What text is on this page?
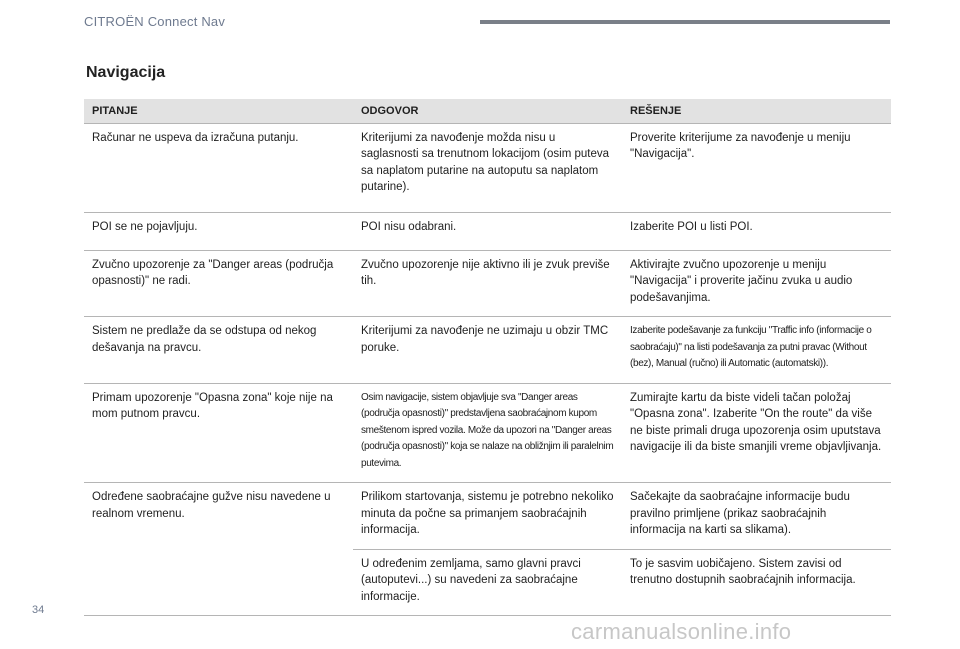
CITROËN Connect Nav
Navigacija
PITANJE	ODGOVOR	REŠENJE
Računar ne uspeva da izračuna putanju.	Kriterijumi za navođenje možda nisu u saglasnosti sa trenutnom lokacijom (osim puteva sa naplatom putarine na autoputu sa naplatom putarine).	Proverite kriterijume za navođenje u meniju "Navigacija".
POI se ne pojavljuju.	POI nisu odabrani.	Izaberite POI u listi POI.
Zvučno upozorenje za "Danger areas (područja opasnosti)" ne radi.	Zvučno upozorenje nije aktivno ili je zvuk previše tih.	Aktivirajte zvučno upozorenje u meniju "Navigacija" i proverite jačinu zvuka u audio podešavanjima.
Sistem ne predlaže da se odstupa od nekog dešavanja na pravcu.	Kriterijumi za navođenje ne uzimaju u obzir TMC poruke.	Izaberite podešavanje za funkciju "Traffic info (informacije o saobraćaju)" na listi podešavanja za putni pravac (Without (bez), Manual (ručno) ili Automatic (automatski)).
Primam upozorenje "Opasna zona" koje nije na mom putnom pravcu.	Osim navigacije, sistem objavljuje sva "Danger areas (područja opasnosti)" predstavljena saobraćajnom kupom smeštenom ispred vozila. Može da upozori na "Danger areas (područja opasnosti)" koja se nalaze na obližnjim ili paralelnim putevima.	Zumirajte kartu da biste videli tačan položaj "Opasna zona". Izaberite "On the route" da više ne biste primali druga upozorenja osim uputstava navigacije ili da biste smanjili vreme objavljivanja.
Određene saobraćajne gužve nisu navedene u realnom vremenu.	Prilikom startovanja, sistemu je potrebno nekoliko minuta da počne sa primanjem saobraćajnih informacija.	Sačekajte da saobraćajne informacije budu pravilno primljene (prikaz saobraćajnih informacija na karti sa slikama).
	U određenim zemljama, samo glavni pravci (autoputevi...) su navedeni za saobraćajne informacije.	To je sasvim uobičajeno. Sistem zavisi od trenutno dostupnih saobraćajnih informacija.
34
carmanualsonline.info
